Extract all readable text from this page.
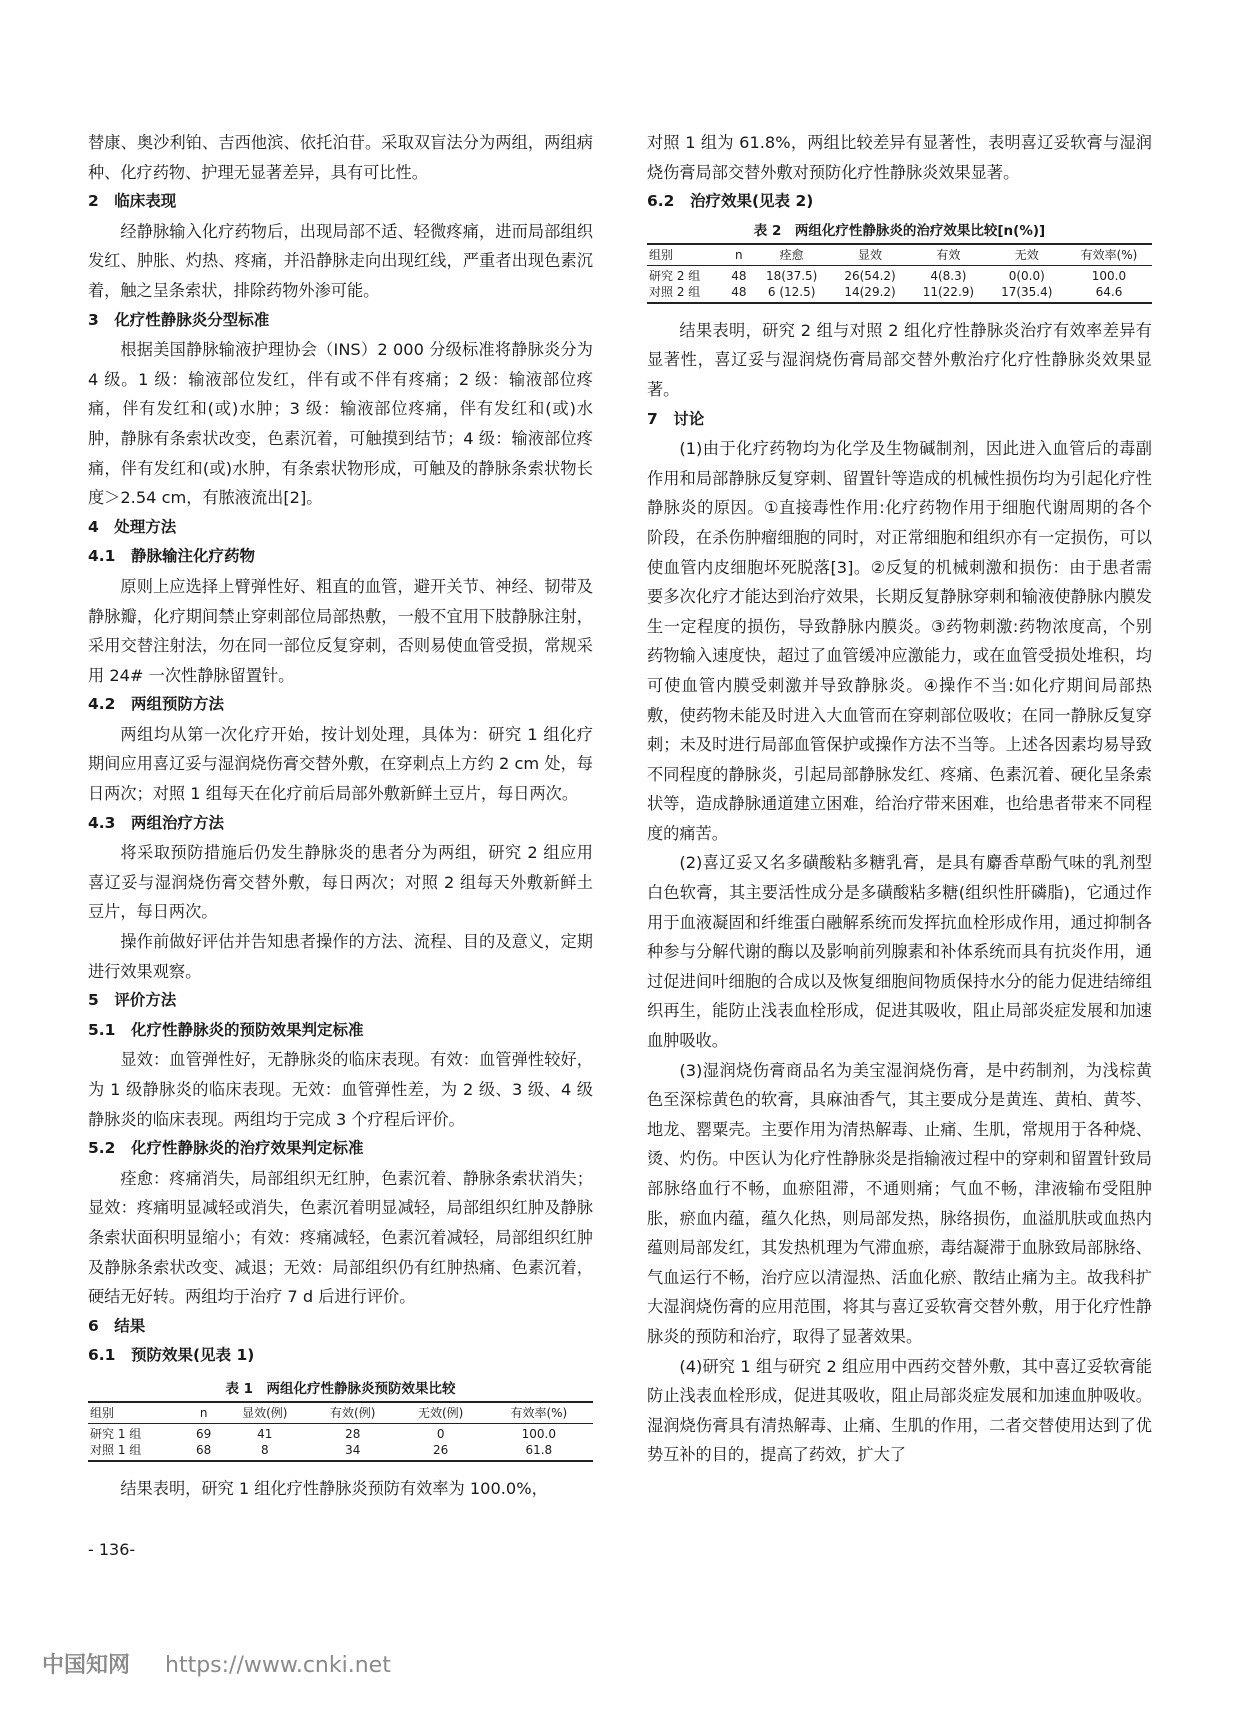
替康、奥沙利铂、吉西他滨、依托泊苷。采取双盲法分为两组，两组病种、化疗药物、护理无显著差异，具有可比性。

2　临床表现

经静脉输入化疗药物后，出现局部不适、轻微疼痛，进而局部组织发红、肿胀、灼热、疼痛，并沿静脉走向出现红线，严重者出现色素沉着，触之呈条索状，排除药物外渗可能。

3　化疗性静脉炎分型标准

根据美国静脉输液护理协会（INS）2 000 分级标准将静脉炎分为 4 级。1 级：输液部位发红，伴有或不伴有疼痛；2 级：输液部位疼痛，伴有发红和(或)水肿；3 级：输液部位疼痛，伴有发红和(或)水肿，静脉有条索状改变，色素沉着，可触摸到结节；4 级：输液部位疼痛，伴有发红和(或)水肿，有条索状物形成，可触及的静脉条索状物长度＞2.54 cm，有脓液流出[2]。

4　处理方法

4.1　静脉输注化疗药物

原则上应选择上臂弹性好、粗直的血管，避开关节、神经、韧带及静脉瓣，化疗期间禁止穿刺部位局部热敷，一般不宜用下肢静脉注射，采用交替注射法，勿在同一部位反复穿刺，否则易使血管受损，常规采用 24# 一次性静脉留置针。

4.2　两组预防方法

两组均从第一次化疗开始，按计划处理，具体为：研究 1 组化疗期间应用喜辽妥与湿润烧伤膏交替外敷，在穿刺点上方约 2 cm 处，每日两次；对照 1 组每天在化疗前后局部外敷新鲜土豆片，每日两次。

4.3　两组治疗方法

将采取预防措施后仍发生静脉炎的患者分为两组，研究 2 组应用喜辽妥与湿润烧伤膏交替外敷，每日两次；对照 2 组每天外敷新鲜土豆片，每日两次。

操作前做好评估并告知患者操作的方法、流程、目的及意义，定期进行效果观察。

5　评价方法

5.1　化疗性静脉炎的预防效果判定标准

显效：血管弹性好，无静脉炎的临床表现。有效：血管弹性较好，为 1 级静脉炎的临床表现。无效：血管弹性差，为 2 级、3 级、4 级静脉炎的临床表现。两组均于完成 3 个疗程后评价。

5.2　化疗性静脉炎的治疗效果判定标准

痊愈：疼痛消失，局部组织无红肿，色素沉着、静脉条索状消失；显效：疼痛明显减轻或消失，色素沉着明显减轻，局部组织红肿及静脉条索状面积明显缩小；有效：疼痛减轻，色素沉着减轻，局部组织红肿及静脉条索状改变、减退；无效：局部组织仍有红肿热痛、色素沉着，硬结无好转。两组均于治疗 7 d 后进行评价。

6　结果

6.1　预防效果(见表 1)

表 1　两组化疗性静脉炎预防效果比较
组别	n	显效(例)	有效(例)	无效(例)	有效率(%)
研究 1 组	69	41	28	0	100.0
对照 1 组	68	8	34	26	61.8

结果表明，研究 1 组化疗性静脉炎预防有效率为 100.0%，

对照 1 组为 61.8%，两组比较差异有显著性，表明喜辽妥软膏与湿润烧伤膏局部交替外敷对预防化疗性静脉炎效果显著。

6.2　治疗效果(见表 2)

表 2　两组化疗性静脉炎的治疗效果比较[n(%)]
组别	n	痊愈	显效	有效	无效	有效率(%)
研究 2 组	48	18(37.5)	26(54.2)	4(8.3)	0(0.0)	100.0
对照 2 组	48	6 (12.5)	14(29.2)	11(22.9)	17(35.4)	64.6

结果表明，研究 2 组与对照 2 组化疗性静脉炎治疗有效率差异有显著性，喜辽妥与湿润烧伤膏局部交替外敷治疗化疗性静脉炎效果显著。

7　讨论

(1)由于化疗药物均为化学及生物碱制剂，因此进入血管后的毒副作用和局部静脉反复穿刺、留置针等造成的机械性损伤均为引起化疗性静脉炎的原因。①直接毒性作用:化疗药物作用于细胞代谢周期的各个阶段，在杀伤肿瘤细胞的同时，对正常细胞和组织亦有一定损伤，可以使血管内皮细胞坏死脱落[3]。②反复的机械刺激和损伤：由于患者需要多次化疗才能达到治疗效果，长期反复静脉穿刺和输液使静脉内膜发生一定程度的损伤，导致静脉内膜炎。③药物刺激:药物浓度高，个别药物输入速度快，超过了血管缓冲应激能力，或在血管受损处堆积，均可使血管内膜受刺激并导致静脉炎。④操作不当:如化疗期间局部热敷，使药物未能及时进入大血管而在穿刺部位吸收；在同一静脉反复穿刺；未及时进行局部血管保护或操作方法不当等。上述各因素均易导致不同程度的静脉炎，引起局部静脉发红、疼痛、色素沉着、硬化呈条索状等，造成静脉通道建立困难，给治疗带来困难，也给患者带来不同程度的痛苦。

(2)喜辽妥又名多磺酸粘多糖乳膏，是具有麝香草酚气味的乳剂型白色软膏，其主要活性成分是多磺酸粘多糖(组织性肝磷脂)，它通过作用于血液凝固和纤维蛋白融解系统而发挥抗血栓形成作用，通过抑制各种参与分解代谢的酶以及影响前列腺素和补体系统而具有抗炎作用，通过促进间叶细胞的合成以及恢复细胞间物质保持水分的能力促进结缔组织再生，能防止浅表血栓形成，促进其吸收，阻止局部炎症发展和加速血肿吸收。

(3)湿润烧伤膏商品名为美宝湿润烧伤膏，是中药制剂，为浅棕黄色至深棕黄色的软膏，具麻油香气，其主要成分是黄连、黄柏、黄芩、地龙、罂粟壳。主要作用为清热解毒、止痛、生肌，常规用于各种烧、烫、灼伤。中医认为化疗性静脉炎是指输液过程中的穿刺和留置针致局部脉络血行不畅，血瘀阻滞，不通则痛；气血不畅，津液输布受阻肿胀，瘀血内蕴，蕴久化热，则局部发热，脉络损伤，血溢肌肤或血热内蕴则局部发红，其发热机理为气滞血瘀，毒结凝滞于血脉致局部脉络、气血运行不畅，治疗应以清湿热、活血化瘀、散结止痛为主。故我科扩大湿润烧伤膏的应用范围，将其与喜辽妥软膏交替外敷，用于化疗性静脉炎的预防和治疗，取得了显著效果。

(4)研究 1 组与研究 2 组应用中西药交替外敷，其中喜辽妥软膏能防止浅表血栓形成，促进其吸收，阻止局部炎症发展和加速血肿吸收。湿润烧伤膏具有清热解毒、止痛、生肌的作用，二者交替使用达到了优势互补的目的，提高了药效，扩大了

- 136-
中国知网 https://www.cnki.net
